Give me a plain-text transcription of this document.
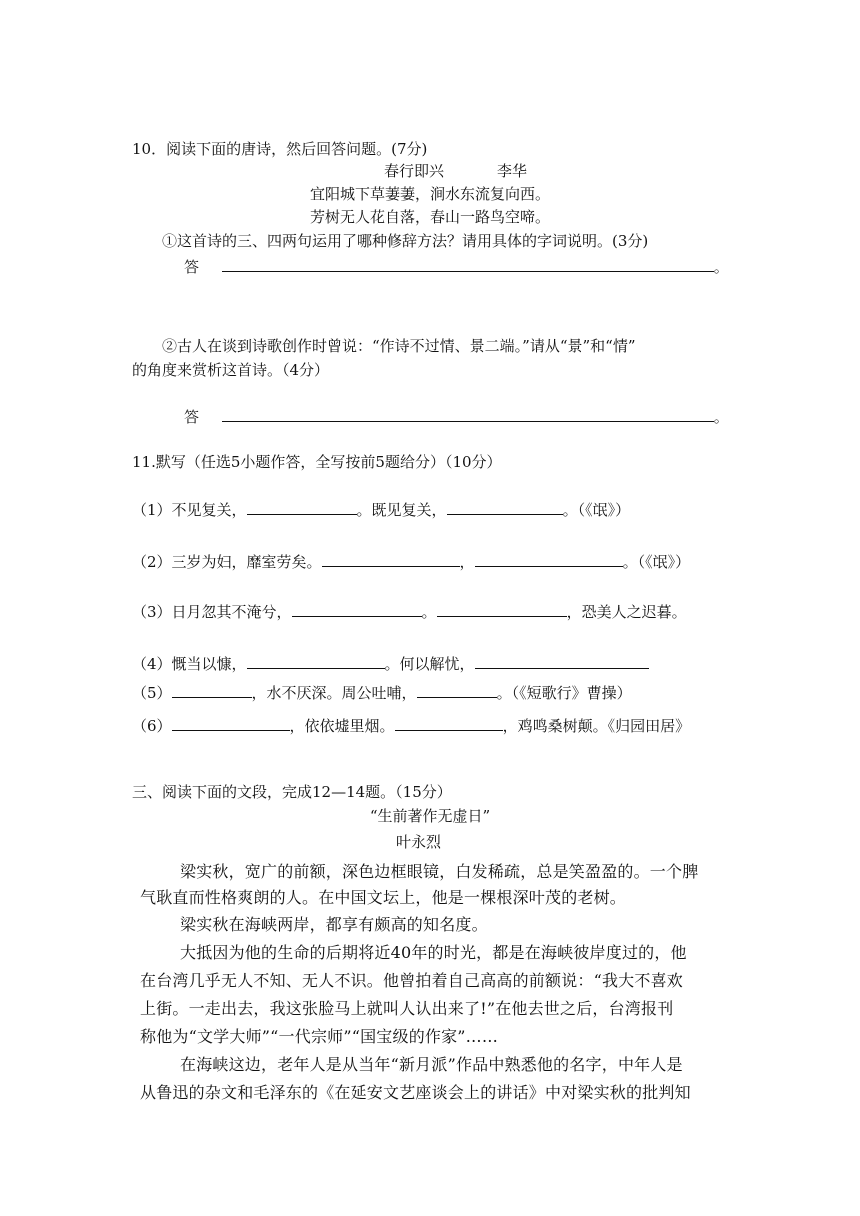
10．阅读下面的唐诗，然后回答问题。(7分)
春行即兴	李华
宜阳城下草萋萋，涧水东流复向西。
芳树无人花自落，春山一路鸟空啼。
①这首诗的三、四两句运用了哪种修辞方法？请用具体的字词说明。(3分)
答	。
②古人在谈到诗歌创作时曾说：“作诗不过情、景二端。”请从“景”和“情”
的角度来赏析这首诗。（4分）
答	。
11.默写（任选5小题作答，全写按前5题给分）（10分）
（1）不见复关，	。既见复关，	。（《氓》）
（2）三岁为妇，靡室劳矣。	，	。（《氓》）
（3）日月忽其不淹兮，	。	，恐美人之迟暮。
（4）慨当以慷，	。何以解忧，
（5）	，水不厌深。周公吐哺，	。（《短歌行》曹操）
（6）	，依依墟里烟。	，鸡鸣桑树颠。《归园田居》
三、阅读下面的文段，完成12—14题。（15分）
“生前著作无虚日”
叶永烈
梁实秋，宽广的前额，深色边框眼镜，白发稀疏，总是笑盈盈的。一个脾
气耿直而性格爽朗的人。在中国文坛上，他是一棵根深叶茂的老树。
梁实秋在海峡两岸，都享有颇高的知名度。
大抵因为他的生命的后期将近40年的时光，都是在海峡彼岸度过的，他
在台湾几乎无人不知、无人不识。他曾拍着自己高高的前额说：“我大不喜欢
上街。一走出去，我这张脸马上就叫人认出来了!”在他去世之后，台湾报刊
称他为“文学大师”“一代宗师”“国宝级的作家”……
在海峡这边，老年人是从当年“新月派”作品中熟悉他的名字，中年人是
从鲁迅的杂文和毛泽东的《在延安文艺座谈会上的讲话》中对梁实秋的批判知
